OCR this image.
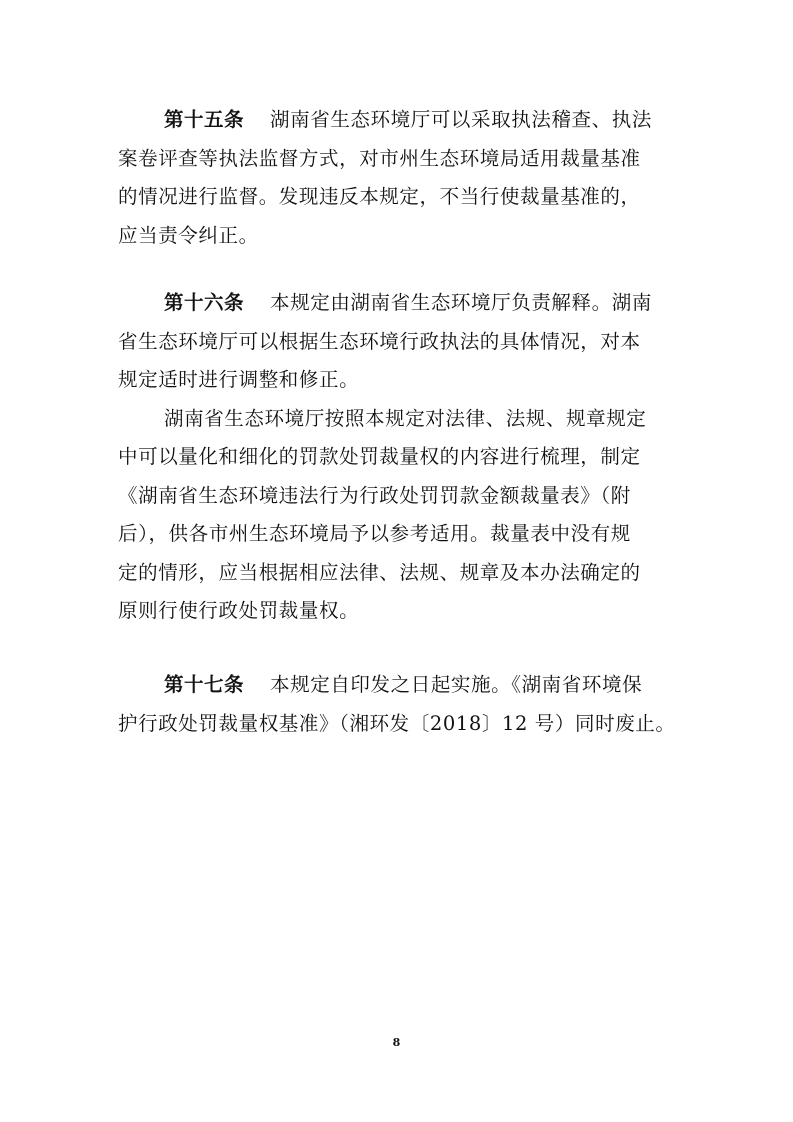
第十五条 湖南省生态环境厅可以采取执法稽查、执法
案卷评查等执法监督方式，对市州生态环境局适用裁量基准
的情况进行监督。发现违反本规定，不当行使裁量基准的，
应当责令纠正。
第十六条 本规定由湖南省生态环境厅负责解释。湖南
省生态环境厅可以根据生态环境行政执法的具体情况，对本
规定适时进行调整和修正。
湖南省生态环境厅按照本规定对法律、法规、规章规定
中可以量化和细化的罚款处罚裁量权的内容进行梳理，制定
《湖南省生态环境违法行为行政处罚罚款金额裁量表》（附
后），供各市州生态环境局予以参考适用。裁量表中没有规
定的情形，应当根据相应法律、法规、规章及本办法确定的
原则行使行政处罚裁量权。
第十七条 本规定自印发之日起实施。《湖南省环境保
护行政处罚裁量权基准》（湘环发〔2018〕12 号）同时废止。
8
